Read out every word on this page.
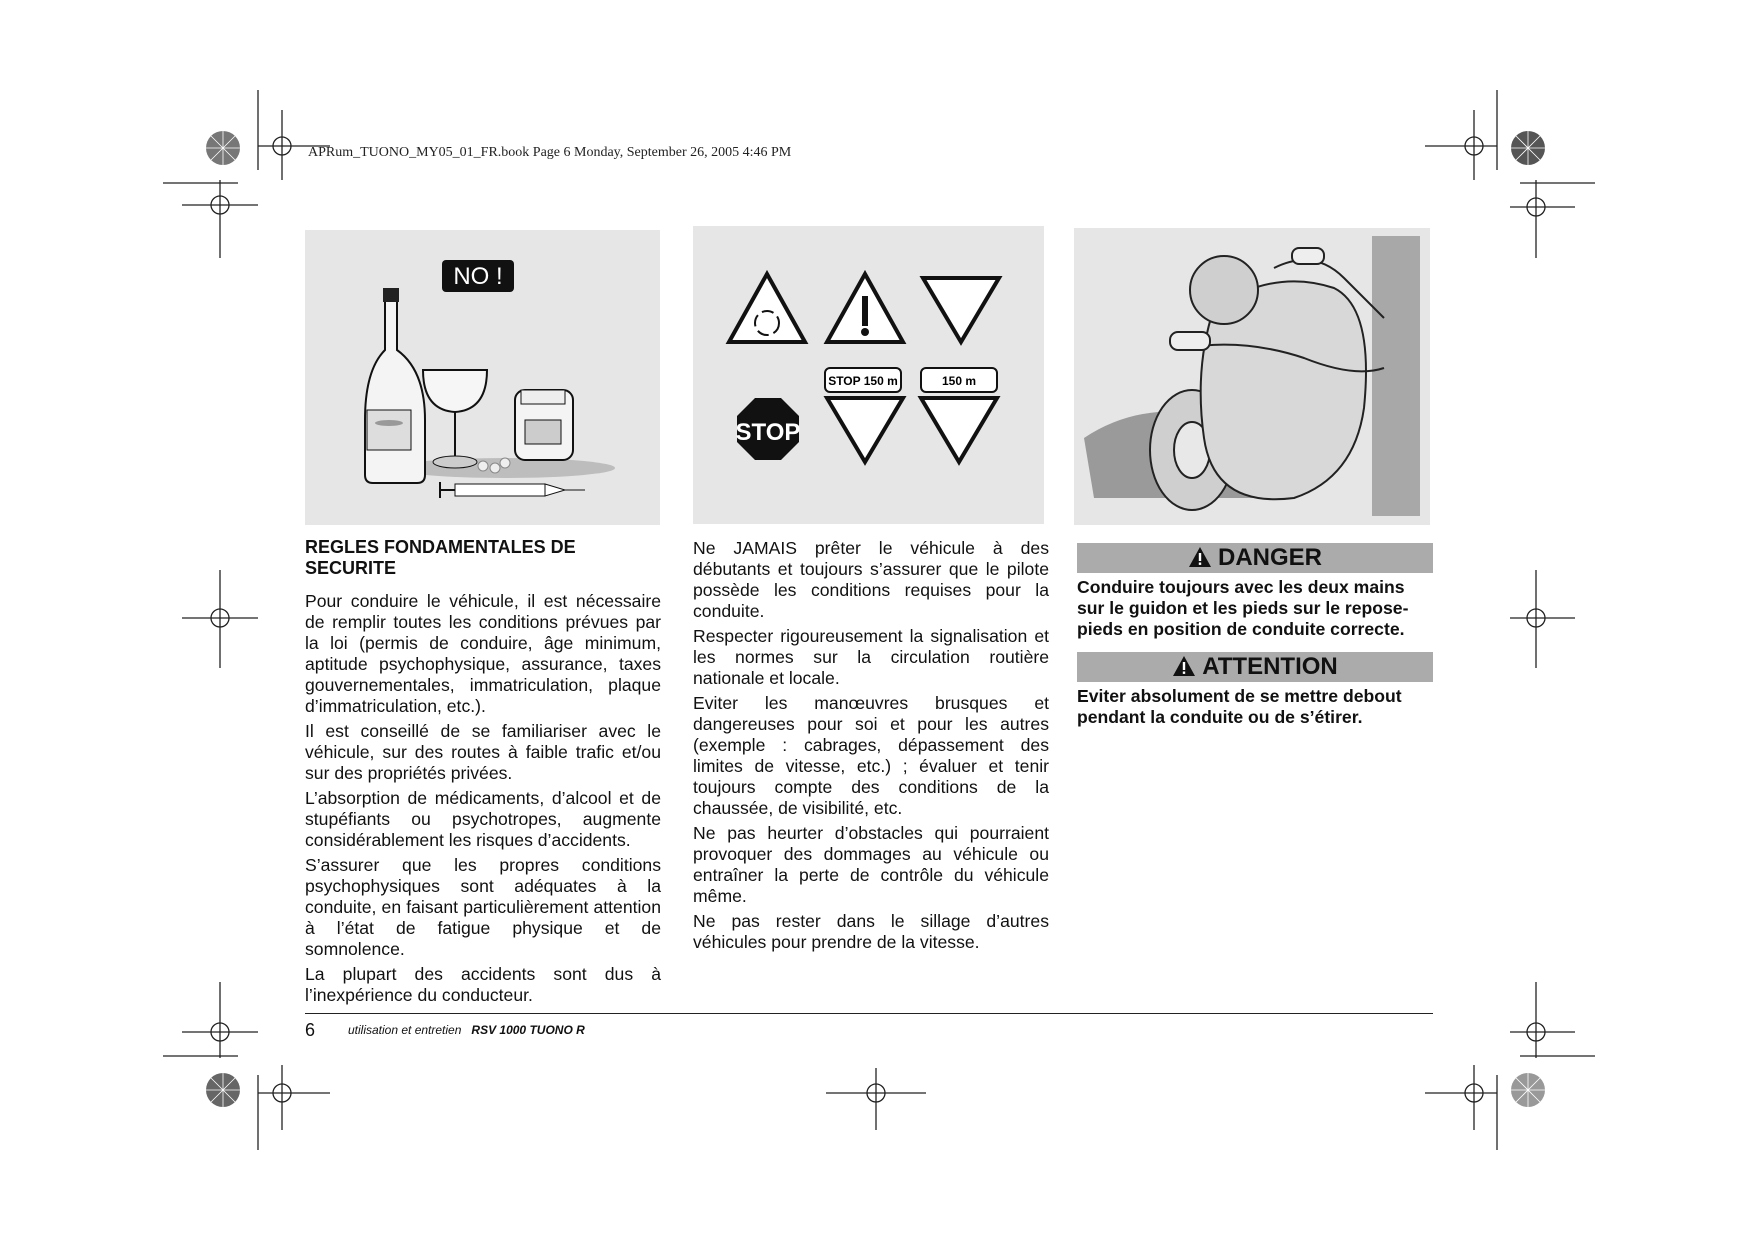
APRum_TUONO_MY05_01_FR.book Page 6 Monday, September 26, 2005 4:46 PM
NO !
STOP 150 m	150 m
STOP
REGLES FONDAMENTALES DE SECURITE

Pour conduire le véhicule, il est nécessaire de remplir toutes les conditions prévues par la loi (permis de conduire, âge minimum, aptitude psychophysique, assurance, taxes gouvernementales, immatriculation, plaque d’immatriculation, etc.).

Il est conseillé de se familiariser avec le véhicule, sur des routes à faible trafic et/ou sur des propriétés privées.

L’absorption de médicaments, d’alcool et de stupéfiants ou psychotropes, augmente considérablement les risques d’accidents.

S’assurer que les propres conditions psychophysiques sont adéquates à la conduite, en faisant particulièrement attention à l’état de fatigue physique et de somnolence.

La plupart des accidents sont dus à l’inexpérience du conducteur.

Ne JAMAIS prêter le véhicule à des débutants et toujours s’assurer que le pilote possède les conditions requises pour la conduite.

Respecter rigoureusement la signalisation et les normes sur la circulation routière nationale et locale.

Eviter les manœuvres brusques et dangereuses pour soi et pour les autres (exemple : cabrages, dépassement des limites de vitesse, etc.) ; évaluer et tenir toujours compte des conditions de la chaussée, de visibilité, etc.

Ne pas heurter d’obstacles qui pourraient provoquer des dommages au véhicule ou entraîner la perte de contrôle du véhicule même.

Ne pas rester dans le sillage d’autres véhicules pour prendre de la vitesse.

DANGER
Conduire toujours avec les deux mains sur le guidon et les pieds sur le repose-pieds en position de conduite correcte.
ATTENTION
Eviter absolument de se mettre debout pendant la conduite ou de s’étirer.
6	utilisation et entretien RSV 1000 TUONO R
